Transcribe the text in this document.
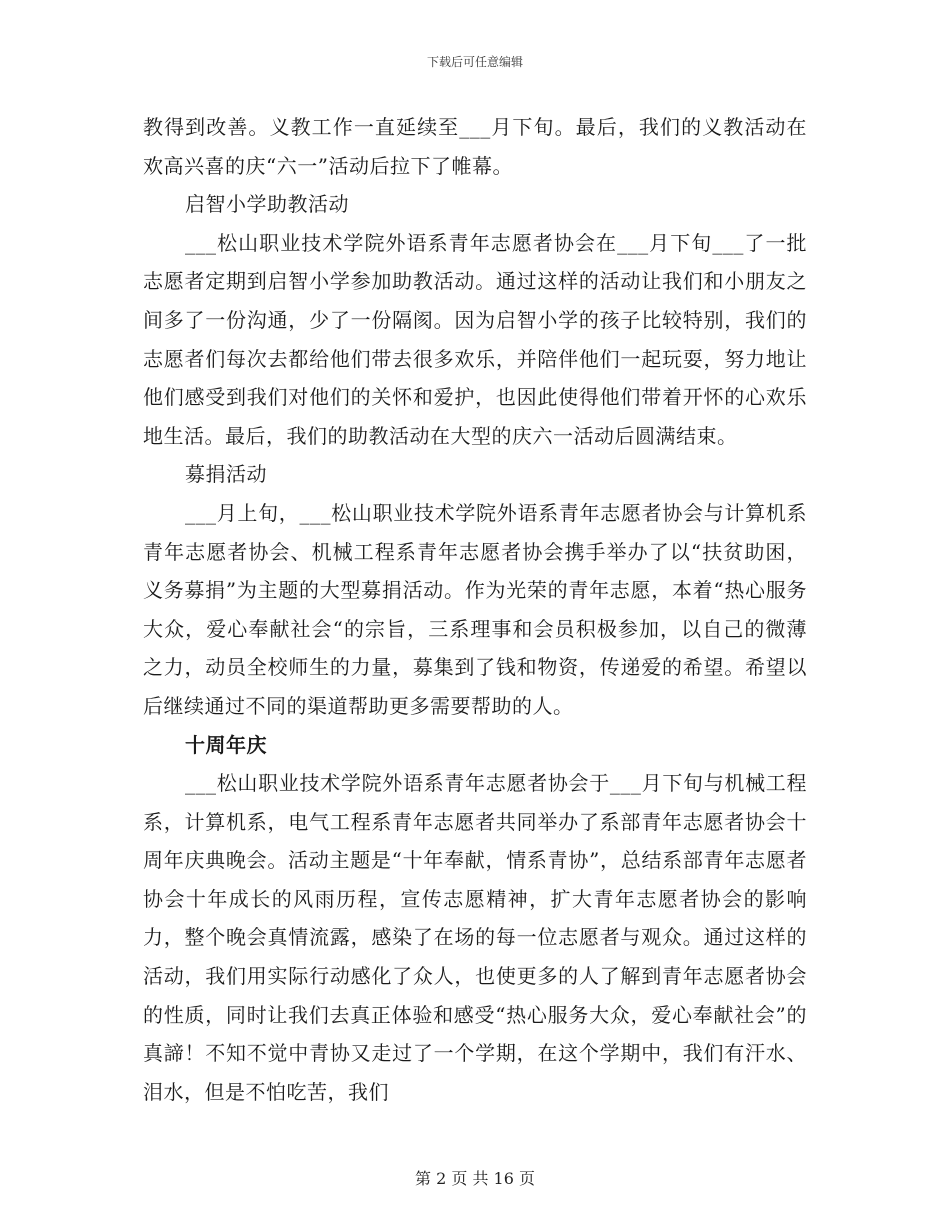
下载后可任意编辑

教得到改善。义教工作一直延续至___月下旬。最后，我们的义教活动在欢高兴喜的庆“六一”活动后拉下了帷幕。

启智小学助教活动

___松山职业技术学院外语系青年志愿者协会在___月下旬___了一批志愿者定期到启智小学参加助教活动。通过这样的活动让我们和小朋友之间多了一份沟通，少了一份隔阂。因为启智小学的孩子比较特别，我们的志愿者们每次去都给他们带去很多欢乐，并陪伴他们一起玩耍，努力地让他们感受到我们对他们的关怀和爱护，也因此使得他们带着开怀的心欢乐地生活。最后，我们的助教活动在大型的庆六一活动后圆满结束。

募捐活动

___月上旬，___松山职业技术学院外语系青年志愿者协会与计算机系青年志愿者协会、机械工程系青年志愿者协会携手举办了以“扶贫助困，义务募捐”为主题的大型募捐活动。作为光荣的青年志愿，本着“热心服务大众，爱心奉献社会“的宗旨，三系理事和会员积极参加，以自己的微薄之力，动员全校师生的力量，募集到了钱和物资，传递爱的希望。希望以后继续通过不同的渠道帮助更多需要帮助的人。

十周年庆

___松山职业技术学院外语系青年志愿者协会于___月下旬与机械工程系，计算机系，电气工程系青年志愿者共同举办了系部青年志愿者协会十周年庆典晚会。活动主题是“十年奉献，情系青协”，总结系部青年志愿者协会十年成长的风雨历程，宣传志愿精神，扩大青年志愿者协会的影响力，整个晚会真情流露，感染了在场的每一位志愿者与观众。通过这样的活动，我们用实际行动感化了众人，也使更多的人了解到青年志愿者协会的性质，同时让我们去真正体验和感受“热心服务大众，爱心奉献社会”的真諦！不知不觉中青协又走过了一个学期，在这个学期中，我们有汗水、泪水，但是不怕吃苦，我们

第 2 页 共 16 页
